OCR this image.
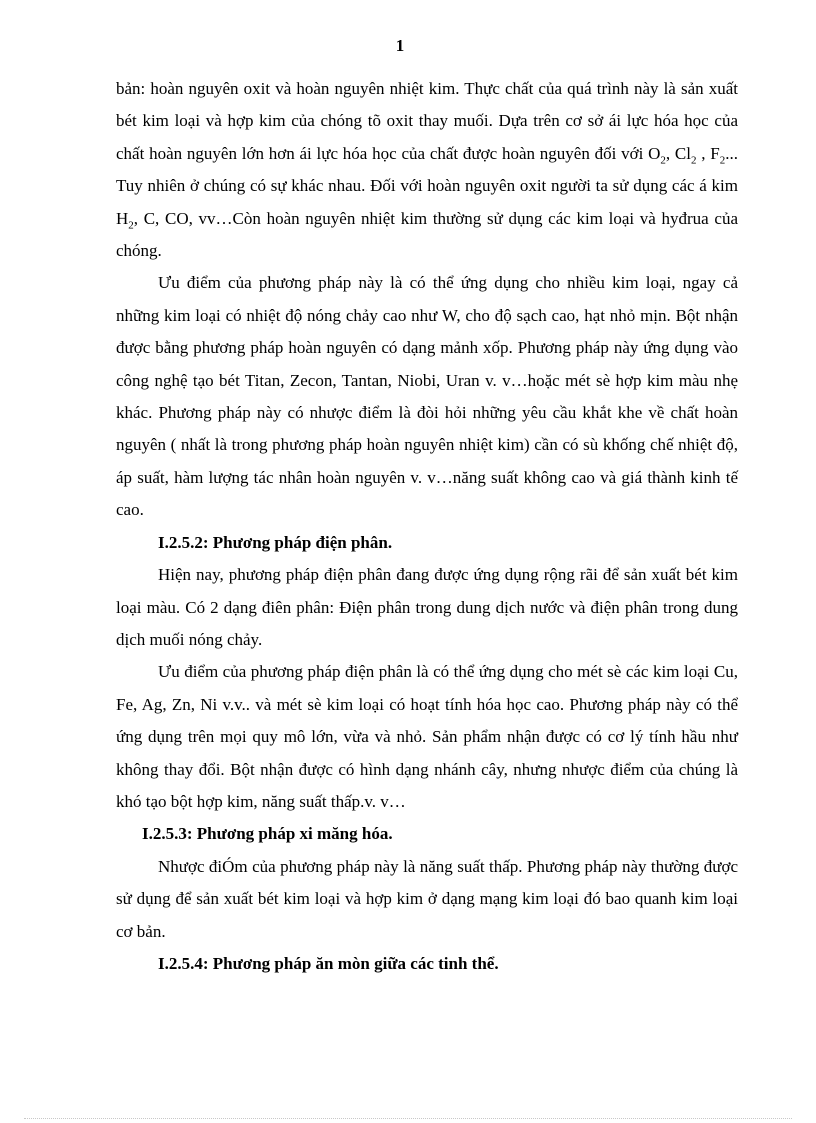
1

bản: hoàn nguyên oxit và hoàn nguyên nhiệt kim. Thực chất của quá trình này là sản xuất bét kim loại và hợp kim của chóng tõ oxit thay muối. Dựa trên cơ sở ái lực hóa học của chất hoàn nguyên lớn hơn ái lực hóa học của chất được hoàn nguyên đối với $O_2$, $Cl_2$ , $F_2$... Tuy nhiên ở chúng có sự khác nhau. Đối với hoàn nguyên oxit người ta sử dụng các á kim $H_2$, C, CO, vv…Còn hoàn nguyên nhiệt kim thường sử dụng các kim loại và hyđrua của chóng.

Ưu điểm của phương pháp này là có thể ứng dụng cho nhiều kim loại, ngay cả những kim loại có nhiệt độ nóng chảy cao như W, cho độ sạch cao, hạt nhỏ mịn. Bột nhận được bằng phương pháp hoàn nguyên có dạng mảnh xốp. Phương pháp này ứng dụng vào công nghệ tạo bét Titan, Zecon, Tantan, Niobi, Uran v. v…hoặc mét sè hợp kim màu nhẹ khác. Phương pháp này có nhược điểm là đòi hỏi những yêu cầu khắt khe về chất hoàn nguyên ( nhất là trong phương pháp hoàn nguyên nhiệt kim) cần có sù khống chế nhiệt độ, áp suất, hàm lượng tác nhân hoàn nguyên v. v…năng suất không cao và giá thành kinh tế cao.

I.2.5.2: Phương pháp điện phân.

Hiện nay, phương pháp điện phân đang được ứng dụng rộng rãi để sản xuất bét kim loại màu. Có 2 dạng điên phân: Điện phân trong dung dịch nước và điện phân trong dung dịch muối nóng chảy.

Ưu điểm của phương pháp điện phân là có thể ứng dụng cho mét sè các kim loại Cu, Fe, Ag, Zn, Ni v.v.. và mét sè kim loại có hoạt tính hóa học cao. Phương pháp này có thể ứng dụng trên mọi quy mô lớn, vừa và nhỏ. Sản phẩm nhận được có cơ lý tính hầu như không thay đổi. Bột nhận được có hình dạng nhánh cây, nhưng nhược điểm của chúng là khó tạo bột hợp kim, năng suất thấp.v. v…

I.2.5.3: Phương pháp xi măng hóa.

Nhược điÓm của phương pháp này là năng suất thấp. Phương pháp này thường được sử dụng để sản xuất bét kim loại và hợp kim ở dạng mạng kim loại đó bao quanh kim loại cơ bản.

I.2.5.4: Phương pháp ăn mòn giữa các tinh thể.
